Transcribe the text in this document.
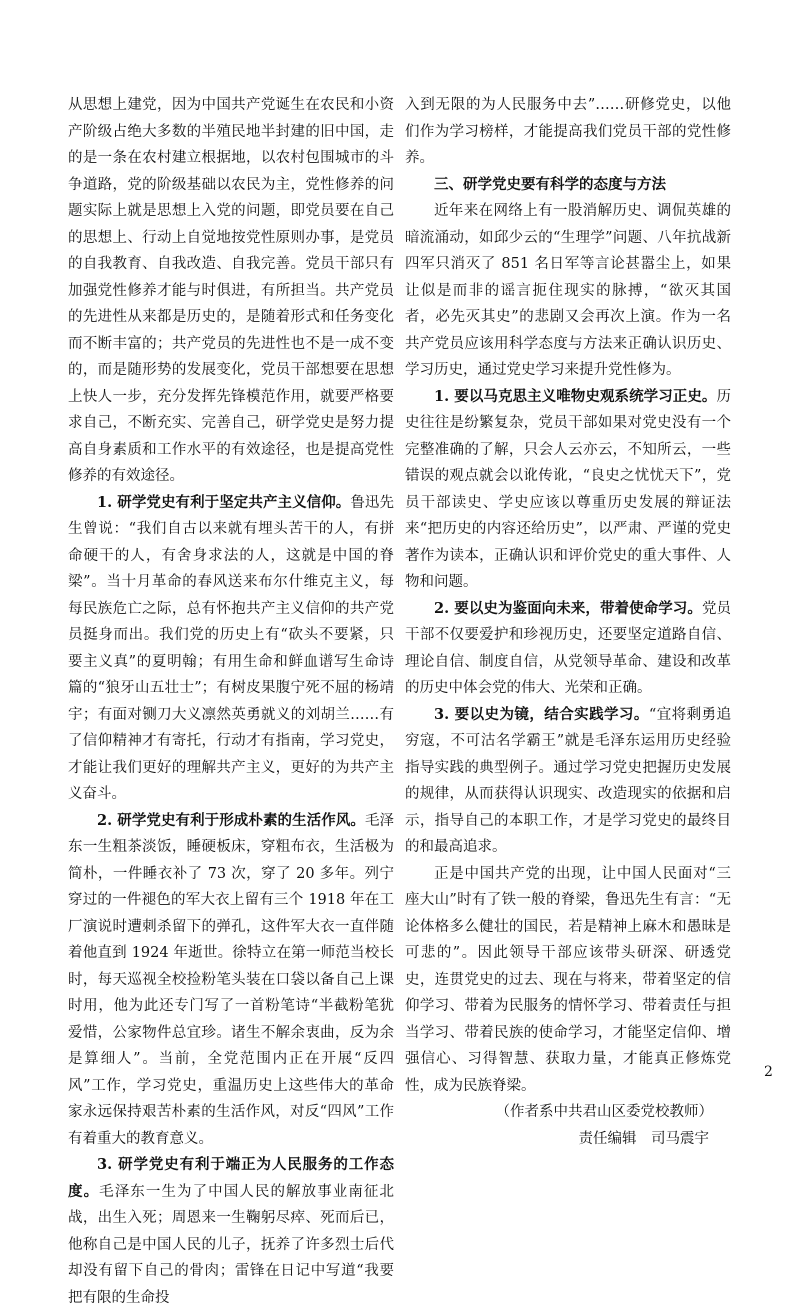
从思想上建党，因为中国共产党诞生在农民和小资产阶级占绝大多数的半殖民地半封建的旧中国，走的是一条在农村建立根据地，以农村包围城市的斗争道路，党的阶级基础以农民为主，党性修养的问题实际上就是思想上入党的问题，即党员要在自己的思想上、行动上自觉地按党性原则办事，是党员的自我教育、自我改造、自我完善。党员干部只有加强党性修养才能与时俱进，有所担当。共产党员的先进性从来都是历史的，是随着形式和任务变化而不断丰富的；共产党员的先进性也不是一成不变的，而是随形势的发展变化，党员干部想要在思想上快人一步，充分发挥先锋模范作用，就要严格要求自己，不断充实、完善自己，研学党史是努力提高自身素质和工作水平的有效途径，也是提高党性修养的有效途径。

1. 研学党史有利于坚定共产主义信仰。鲁迅先生曾说：“我们自古以来就有埋头苦干的人，有拼命硬干的人，有舍身求法的人，这就是中国的脊梁”。当十月革命的春风送来布尔什维克主义，每每民族危亡之际，总有怀抱共产主义信仰的共产党员挺身而出。我们党的历史上有“砍头不要紧，只要主义真”的夏明翰；有用生命和鲜血谱写生命诗篇的“狼牙山五壮士”；有树皮果腹宁死不屈的杨靖宇；有面对铡刀大义凛然英勇就义的刘胡兰……有了信仰精神才有寄托，行动才有指南，学习党史，才能让我们更好的理解共产主义，更好的为共产主义奋斗。

2. 研学党史有利于形成朴素的生活作风。毛泽东一生粗茶淡饭，睡硬板床，穿粗布衣，生活极为简朴，一件睡衣补了 73 次，穿了 20 多年。列宁穿过的一件褪色的军大衣上留有三个 1918 年在工厂演说时遭刺杀留下的弹孔，这件军大衣一直伴随着他直到 1924 年逝世。徐特立在第一师范当校长时，每天巡视全校捡粉笔头装在口袋以备自己上课时用，他为此还专门写了一首粉笔诗“半截粉笔犹爱惜，公家物件总宜珍。诸生不解余衷曲，反为余是算细人”。当前，全党范围内正在开展“反四风”工作，学习党史，重温历史上这些伟大的革命家永远保持艰苦朴素的生活作风，对反“四风”工作有着重大的教育意义。

3. 研学党史有利于端正为人民服务的工作态度。毛泽东一生为了中国人民的解放事业南征北战，出生入死；周恩来一生鞠躬尽瘁、死而后已，他称自己是中国人民的儿子，抚养了许多烈士后代却没有留下自己的骨肉；雷锋在日记中写道“我要把有限的生命投

入到无限的为人民服务中去”……研修党史，以他们作为学习榜样，才能提高我们党员干部的党性修养。

三、研学党史要有科学的态度与方法

近年来在网络上有一股消解历史、调侃英雄的暗流涌动，如邱少云的“生理学”问题、八年抗战新四军只消灭了 851 名日军等言论甚嚣尘上，如果让似是而非的谣言扼住现实的脉搏，“欲灭其国者，必先灭其史”的悲剧又会再次上演。作为一名共产党员应该用科学态度与方法来正确认识历史、学习历史，通过党史学习来提升党性修为。

1. 要以马克思主义唯物史观系统学习正史。历史往往是纷繁复杂，党员干部如果对党史没有一个完整准确的了解，只会人云亦云，不知所云，一些错误的观点就会以讹传讹，“良史之忧忧天下”，党员干部读史、学史应该以尊重历史发展的辩证法来“把历史的内容还给历史”，以严肃、严谨的党史著作为读本，正确认识和评价党史的重大事件、人物和问题。

2. 要以史为鉴面向未来，带着使命学习。党员干部不仅要爱护和珍视历史，还要坚定道路自信、理论自信、制度自信，从党领导革命、建设和改革的历史中体会党的伟大、光荣和正确。

3. 要以史为镜，结合实践学习。“宜将剩勇追穷寇，不可沽名学霸王”就是毛泽东运用历史经验指导实践的典型例子。通过学习党史把握历史发展的规律，从而获得认识现实、改造现实的依据和启示，指导自己的本职工作，才是学习党史的最终目的和最高追求。

正是中国共产党的出现，让中国人民面对“三座大山”时有了铁一般的脊梁，鲁迅先生有言：“无论体格多么健壮的国民，若是精神上麻木和愚昧是可悲的”。因此领导干部应该带头研深、研透党史，连贯党史的过去、现在与将来，带着坚定的信仰学习、带着为民服务的情怀学习、带着责任与担当学习、带着民族的使命学习，才能坚定信仰、增强信心、习得智慧、获取力量，才能真正修炼党性，成为民族脊梁。

（作者系中共君山区委党校教师）

责任编辑　司马震宇

2
